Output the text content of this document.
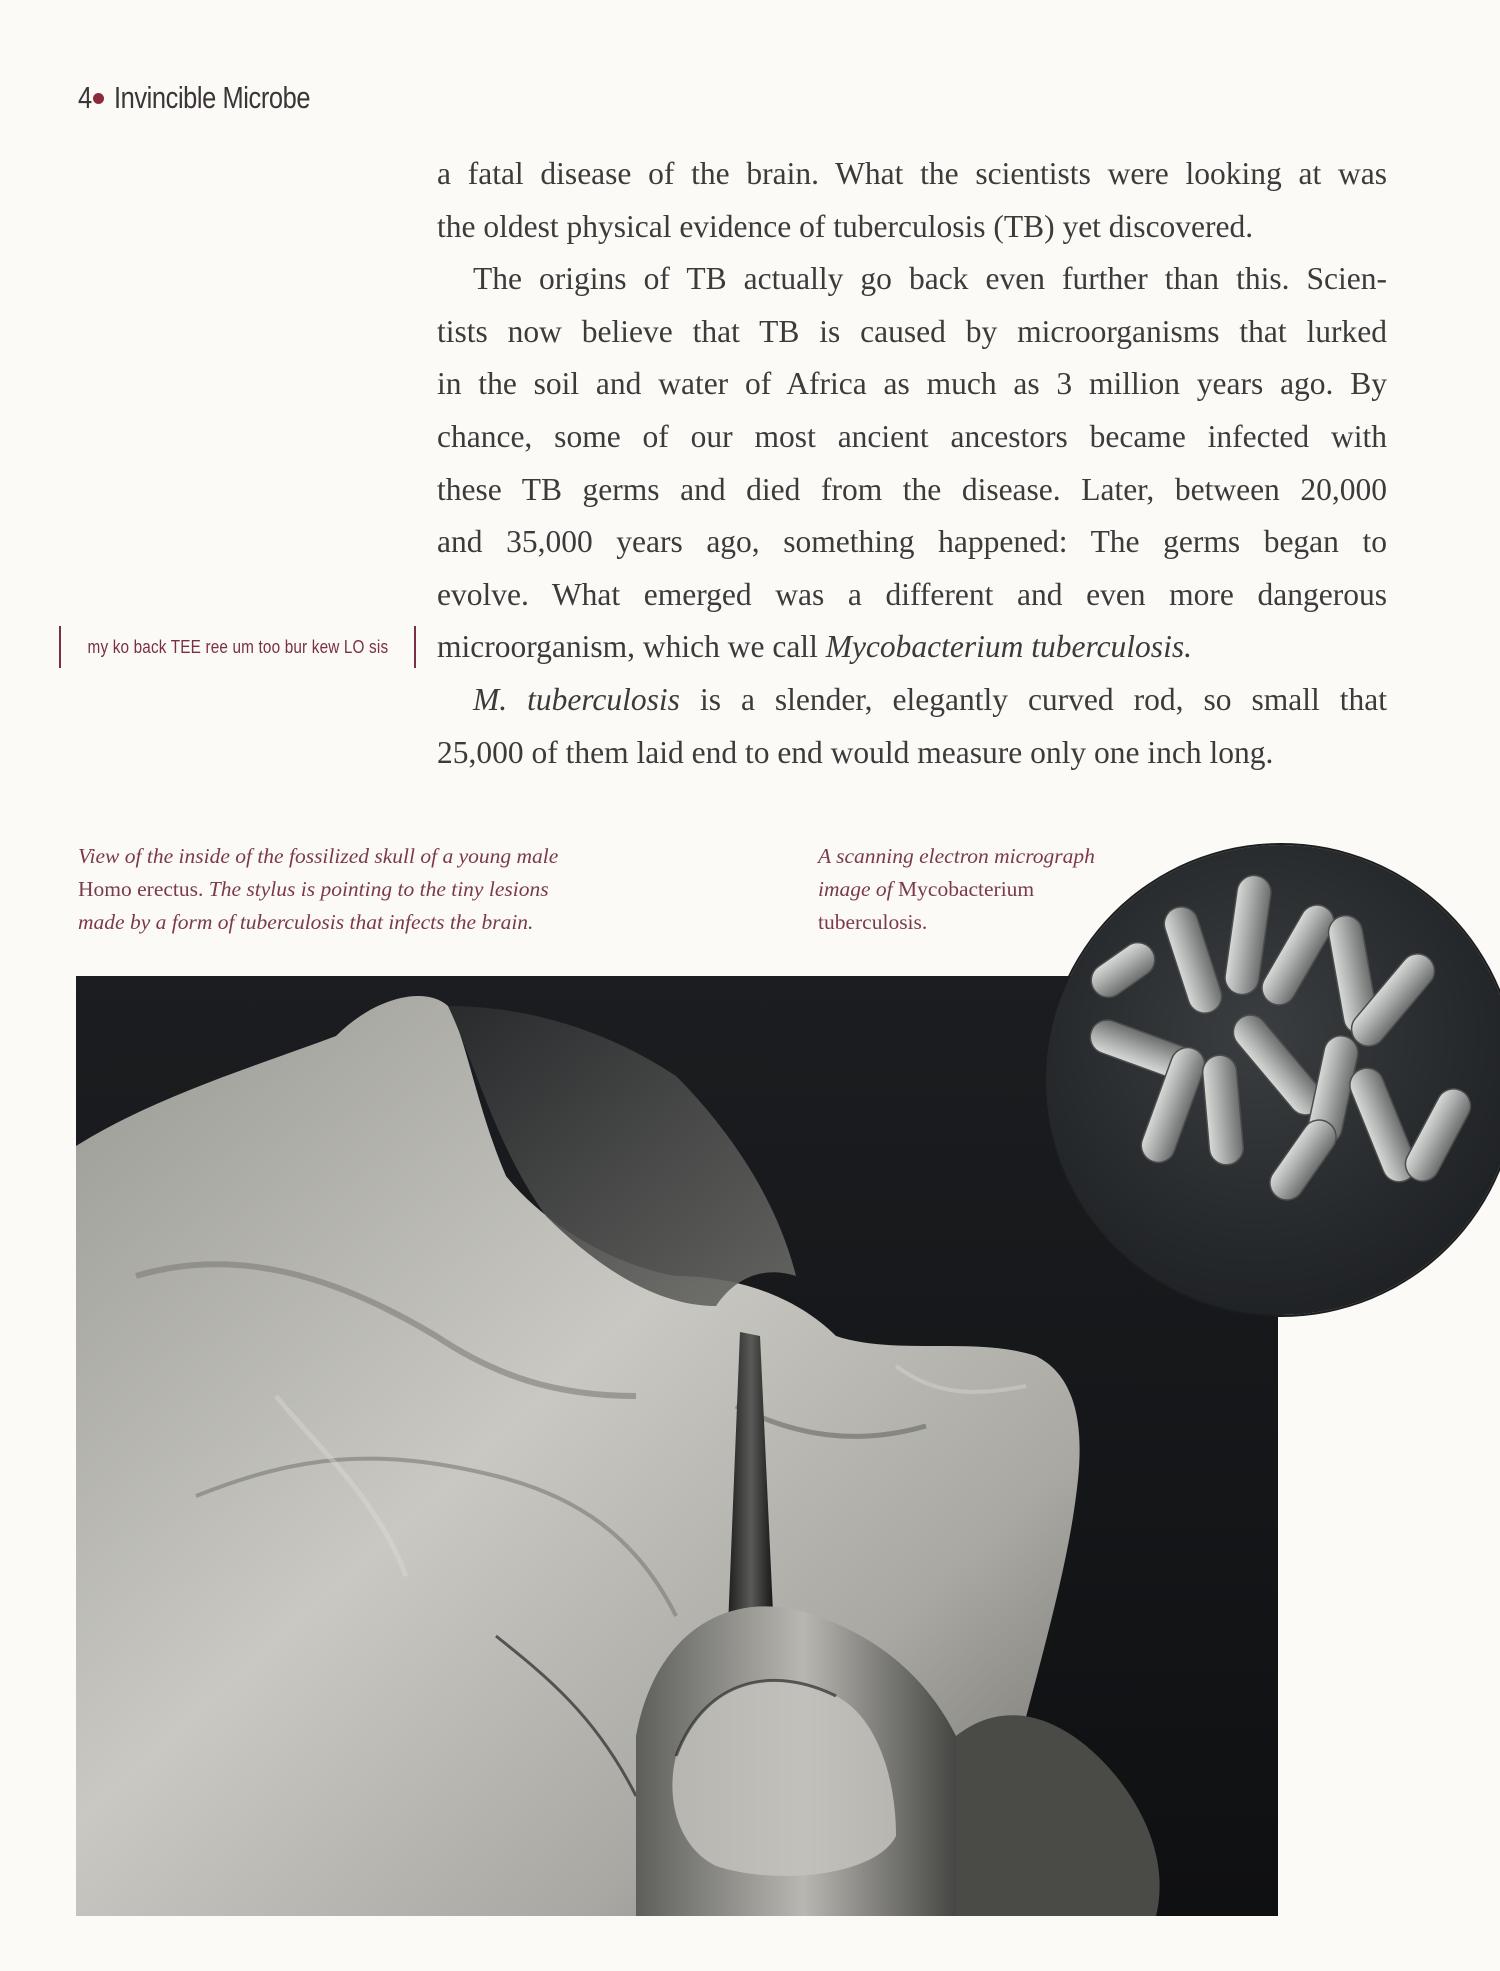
4 Invincible Microbe
a fatal disease of the brain. What the scientists were looking at was
the oldest physical evidence of tuberculosis (TB) yet discovered.
The origins of TB actually go back even further than this. Scien-
tists now believe that TB is caused by microorganisms that lurked
in the soil and water of Africa as much as 3 million years ago. By
chance, some of our most ancient ancestors became infected with
these TB germs and died from the disease. Later, between 20,000
and 35,000 years ago, something happened: The germs began to
evolve. What emerged was a different and even more dangerous
microorganism, which we call Mycobacterium tuberculosis.
M. tuberculosis is a slender, elegantly curved rod, so small that
25,000 of them laid end to end would measure only one inch long.
my ko back TEE ree um too bur kew LO sis
View of the inside of the fossilized skull of a young male
Homo erectus. The stylus is pointing to the tiny lesions
made by a form of tuberculosis that infects the brain.
A scanning electron micrograph
image of Mycobacterium
tuberculosis.
